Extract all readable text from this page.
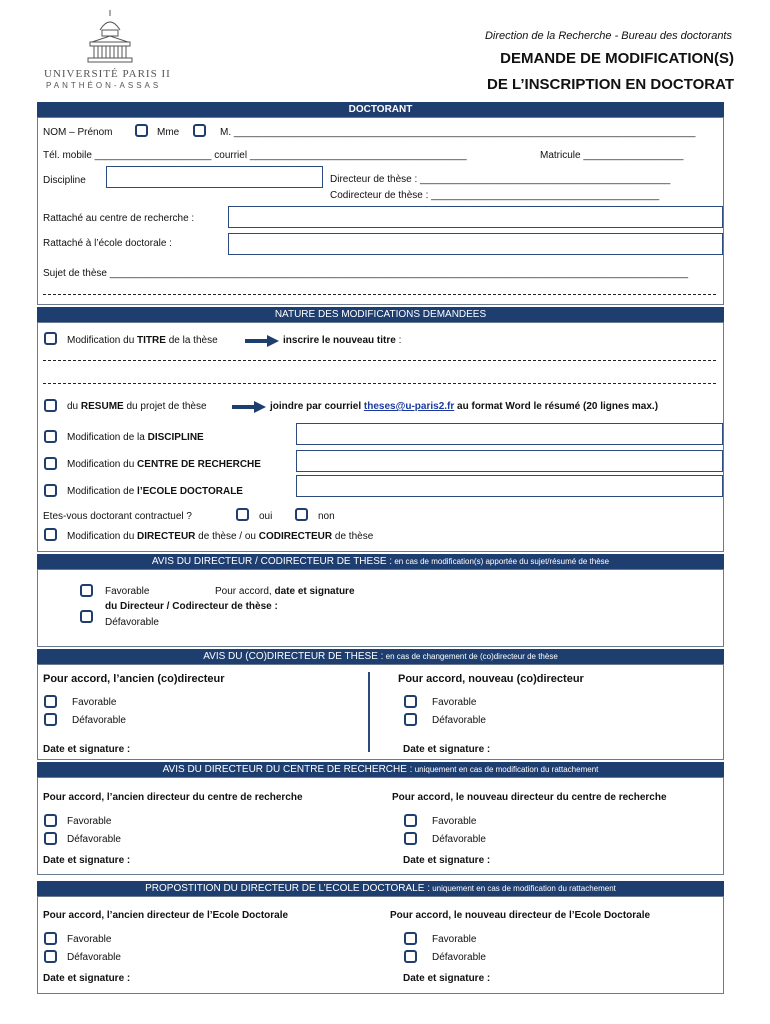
UNIVERSITÉ PARIS II
PANTHÉON-ASSAS
Direction de la Recherche - Bureau des doctorants
DEMANDE DE MODIFICATION(S)
DE L’INSCRIPTION EN DOCTORAT
DOCTORANT
NOM – Prénom	Mme	M. ___________________________________________________________________________________
Tél. mobile _____________________ courriel _______________________________________	Matricule __________________
Discipline	Directeur de thèse : _____________________________________________
Codirecteur de thèse : _________________________________________
Rattaché au centre de recherche :
Rattaché à l’école doctorale :
Sujet de thèse ________________________________________________________________________________________________________
NATURE DES MODIFICATIONS DEMANDEES
Modification du TITRE de la thèse	inscrire le nouveau titre :
du RESUME du projet de thèse	joindre par courriel theses@u-paris2.fr au format Word le résumé (20 lignes max.)
Modification de la DISCIPLINE
Modification du CENTRE DE RECHERCHE
Modification de l’ECOLE DOCTORALE
Etes-vous doctorant contractuel ?	oui	non
Modification du DIRECTEUR de thèse / ou CODIRECTEUR de thèse
AVIS DU DIRECTEUR / CODIRECTEUR DE THESE : en cas de modification(s) apportée du sujet/résumé de thèse
Favorable	Pour accord, date et signature
du Directeur / Codirecteur de thèse :
Défavorable
AVIS DU (CO)DIRECTEUR DE THESE : en cas de changement de (co)directeur de thèse
Pour accord, l’ancien (co)directeur
Favorable
Défavorable
Date et signature :
Pour accord, nouveau (co)directeur
Favorable
Défavorable
Date et signature :
AVIS DU DIRECTEUR DU CENTRE DE RECHERCHE : uniquement en cas de modification du rattachement
Pour accord, l’ancien directeur du centre de recherche
Favorable
Défavorable
Date et signature :
Pour accord, le nouveau directeur du centre de recherche
Favorable
Défavorable
Date et signature :
PROPOSTITION DU DIRECTEUR DE L’ECOLE DOCTORALE : uniquement en cas de modification du rattachement
Pour accord, l’ancien directeur de l’Ecole Doctorale
Favorable
Défavorable
Date et signature :
Pour accord, le nouveau directeur de l’Ecole Doctorale
Favorable
Défavorable
Date et signature :
